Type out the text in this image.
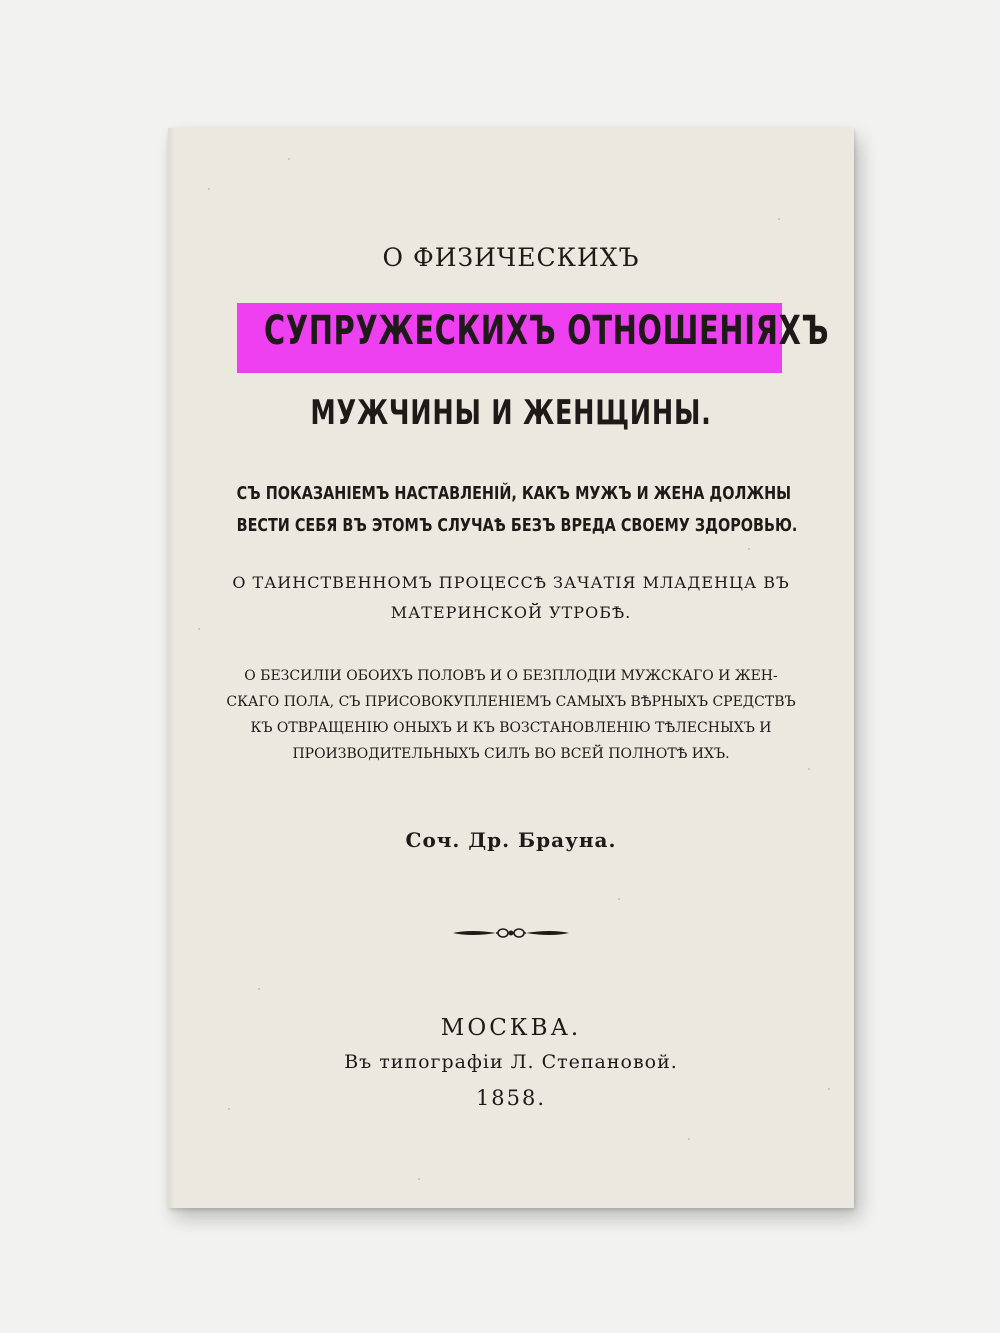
О ФИЗИЧЕСКИХЪ
СУПРУЖЕСКИХЪ ОТНОШЕНІЯХЪ
МУЖЧИНЫ И ЖЕНЩИНЫ.
СЪ ПОКАЗАНІЕМЪ НАСТАВЛЕНІЙ, КАКЪ МУЖЪ И ЖЕНА ДОЛЖНЫ
ВЕСТИ СЕБЯ ВЪ ЭТОМЪ СЛУЧАѢ БЕЗЪ ВРЕДА СВОЕМУ ЗДОРОВЬЮ.
О ТАИНСТВЕННОМЪ ПРОЦЕССѢ ЗАЧАТІЯ МЛАДЕНЦА ВЪ
МАТЕРИНСКОЙ УТРОБѢ.
О БЕЗСИЛІИ ОБОИХЪ ПОЛОВЪ И О БЕЗПЛОДІИ МУЖСКАГО И ЖЕН-
СКАГО ПОЛА, СЪ ПРИСОВОКУПЛЕНІЕМЪ САМЫХЪ ВѢРНЫХЪ СРЕДСТВЪ
КЪ ОТВРАЩЕНІЮ ОНЫХЪ И КЪ ВОЗСТАНОВЛЕНІЮ ТѢЛЕСНЫХЪ И
ПРОИЗВОДИТЕЛЬНЫХЪ СИЛЪ ВО ВСЕЙ ПОЛНОТѢ ИХЪ.
Соч. Др. Брауна.
МОСКВА.
Въ типографіи Л. Степановой.
1858.
